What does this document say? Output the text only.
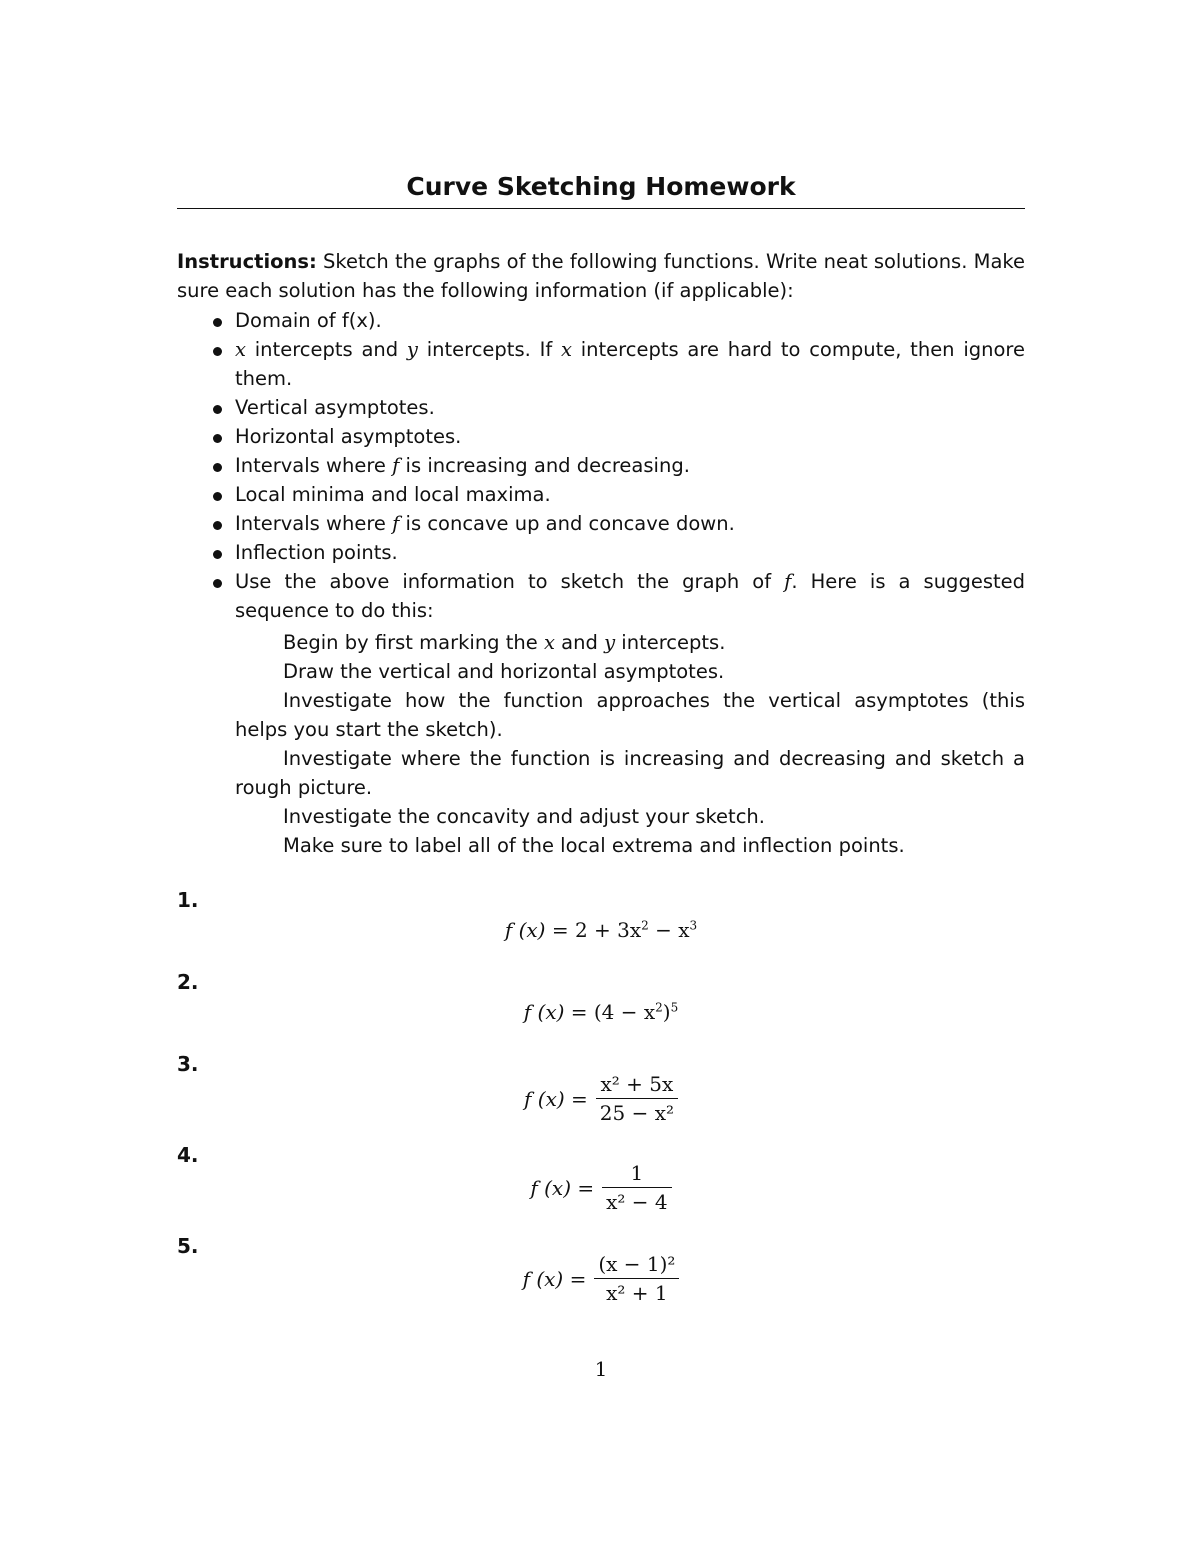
Curve Sketching Homework
Instructions: Sketch the graphs of the following functions. Write neat solutions. Make sure each solution has the following information (if applicable):
Domain of f(x).
x intercepts and y intercepts. If x intercepts are hard to compute, then ignore them.
Vertical asymptotes.
Horizontal asymptotes.
Intervals where f is increasing and decreasing.
Local minima and local maxima.
Intervals where f is concave up and concave down.
Inflection points.
Use the above information to sketch the graph of f. Here is a suggested sequence to do this:
Begin by first marking the x and y intercepts.
Draw the vertical and horizontal asymptotes.
Investigate how the function approaches the vertical asymptotes (this helps you start the sketch).
Investigate where the function is increasing and decreasing and sketch a rough picture.
Investigate the concavity and adjust your sketch.
Make sure to label all of the local extrema and inflection points.
1.
f $(x) = 2 + 3x^2 - x^3$
2.
f $(x) = (4 - x^2)^5$
3.
f (x) =
x² + 5x
25 − x²
4.
f (x) =
1
x² − 4
5.
f (x) =
(x − 1)²
x² + 1
1
